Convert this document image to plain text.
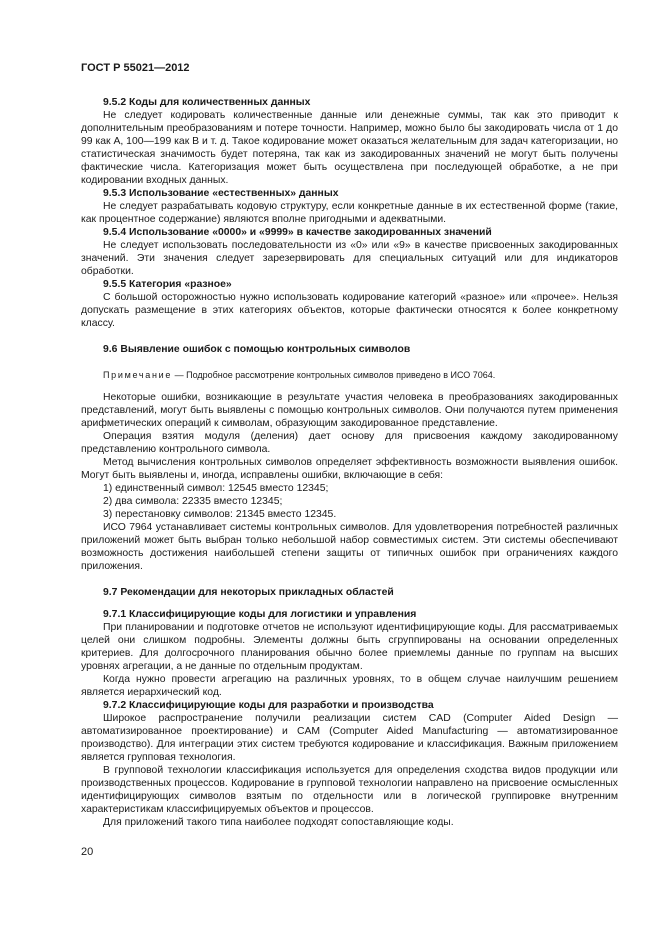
ГОСТ Р 55021—2012

9.5.2 Коды для количественных данных

Не следует кодировать количественные данные или денежные суммы, так как это приводит к дополнительным преобразованиям и потере точности. Например, можно было бы закодировать числа от 1 до 99 как А, 100—199 как В и т. д. Такое кодирование может оказаться желательным для задач категоризации, но статистическая значимость будет потеряна, так как из закодированных значений не могут быть получены фактические числа. Категоризация может быть осуществлена при последующей обработке, а не при кодировании входных данных.

9.5.3 Использование «естественных» данных

Не следует разрабатывать кодовую структуру, если конкретные данные в их естественной форме (такие, как процентное содержание) являются вполне пригодными и адекватными.

9.5.4 Использование «0000» и «9999» в качестве закодированных значений

Не следует использовать последовательности из «0» или «9» в качестве присвоенных закодированных значений. Эти значения следует зарезервировать для специальных ситуаций или для индикаторов обработки.

9.5.5 Категория «разное»

С большой осторожностью нужно использовать кодирование категорий «разное» или «прочее». Нельзя допускать размещение в этих категориях объектов, которые фактически относятся к более конкретному классу.

9.6 Выявление ошибок с помощью контрольных символов

Примечание — Подробное рассмотрение контрольных символов приведено в ИСО 7064.

Некоторые ошибки, возникающие в результате участия человека в преобразованиях закодированных представлений, могут быть выявлены с помощью контрольных символов. Они получаются путем применения арифметических операций к символам, образующим закодированное представление.

Операция взятия модуля (деления) дает основу для присвоения каждому закодированному представлению контрольного символа.

Метод вычисления контрольных символов определяет эффективность возможности выявления ошибок. Могут быть выявлены и, иногда, исправлены ошибки, включающие в себя:

1) единственный символ: 12545 вместо 12345;

2) два символа: 22335 вместо 12345;

3) перестановку символов: 21345 вместо 12345.

ИСО 7964 устанавливает системы контрольных символов. Для удовлетворения потребностей различных приложений может быть выбран только небольшой набор совместимых систем. Эти системы обеспечивают возможность достижения наибольшей степени защиты от типичных ошибок при ограничениях каждого приложения.

9.7 Рекомендации для некоторых прикладных областей

9.7.1 Классифицирующие коды для логистики и управления

При планировании и подготовке отчетов не используют идентифицирующие коды. Для рассматриваемых целей они слишком подробны. Элементы должны быть сгруппированы на основании определенных критериев. Для долгосрочного планирования обычно более приемлемы данные по группам на высших уровнях агрегации, а не данные по отдельным продуктам.

Когда нужно провести агрегацию на различных уровнях, то в общем случае наилучшим решением является иерархический код.

9.7.2 Классифицирующие коды для разработки и производства

Широкое распространение получили реализации систем CAD (Computer Aided Design — автоматизированное проектирование) и CAM (Computer Aided Manufacturing — автоматизированное производство). Для интеграции этих систем требуются кодирование и классификация. Важным приложением является групповая технология.

В групповой технологии классификация используется для определения сходства видов продукции или производственных процессов. Кодирование в групповой технологии направлено на присвоение осмысленных идентифицирующих символов взятым по отдельности или в логической группировке внутренним характеристикам классифицируемых объектов и процессов.

Для приложений такого типа наиболее подходят сопоставляющие коды.

20
